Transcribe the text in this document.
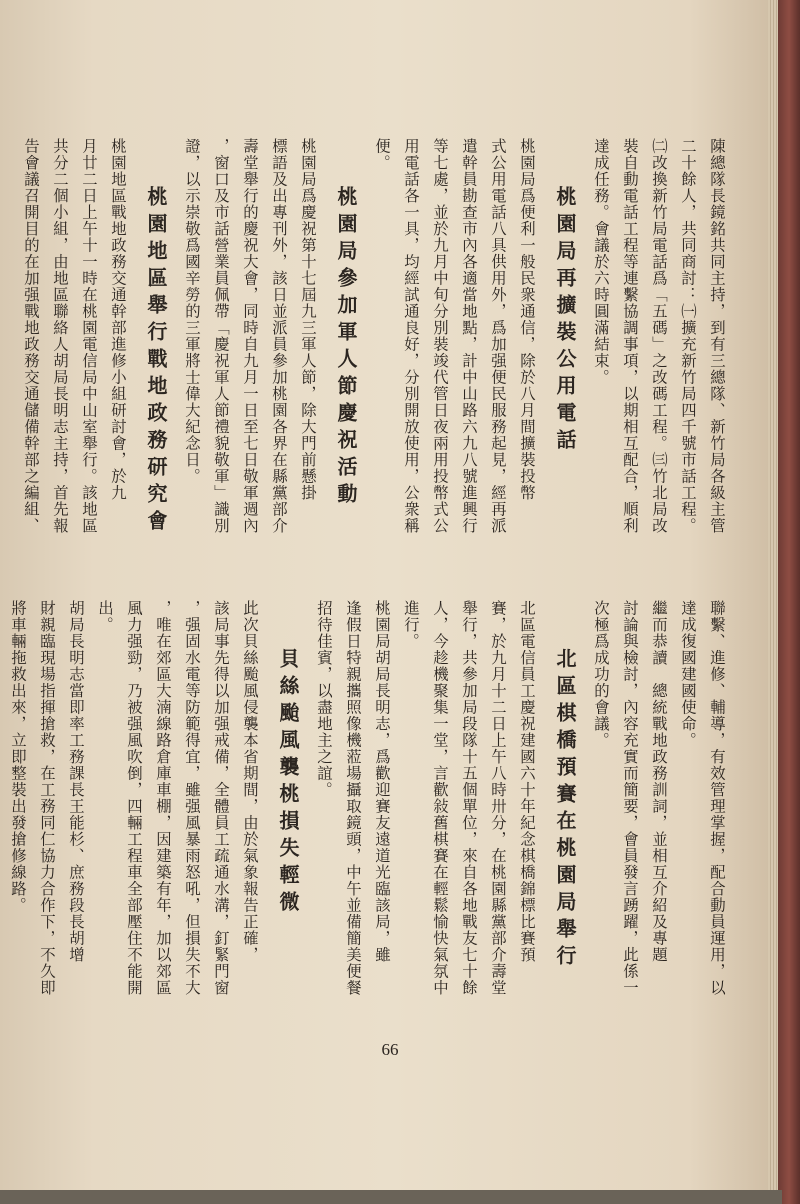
陳總隊長鏡銘共同主持，到有三總隊、新竹局各級主管
二十餘人，共同商討：㈠擴充新竹局四千號市話工程。
㈡改換新竹局電話爲「五碼」之改碼工程。㈢竹北局改
裝自動電話工程等連繫協調事項，以期相互配合，順利
達成任務。會議於六時圓滿結束。
桃園局再擴裝公用電話
桃園局爲便利一般民衆通信，除於八月間擴裝投幣
式公用電話八具供用外，爲加强便民服務起見，經再派
遣幹員勘查市內各適當地點，計中山路六九八號進興行
等七處，並於九月中旬分別裝竣代管日夜兩用投幣式公
用電話各一具，均經試通良好，分別開放使用，公衆稱
便。
桃園局參加軍人節慶祝活動
桃園局爲慶祝第十七屆九三軍人節，除大門前懸掛
標語及出專刊外，該日並派員參加桃園各界在縣黨部介
壽堂舉行的慶祝大會，同時自九月一日至七日敬軍週內
，窗口及市話營業員佩帶「慶祝軍人節禮貌敬軍」識別
證，以示崇敬爲國辛勞的三軍將士偉大紀念日。
桃園地區舉行戰地政務研究會
桃園地區戰地政務交通幹部進修小組研討會，於九
月廿二日上午十一時在桃園電信局中山室舉行。該地區
共分二個小組，由地區聯絡人胡局長明志主持，首先報
告會議召開目的在加强戰地政務交通儲備幹部之編組、
聯繫、進修、輔導，有效管理掌握，配合動員運用，以
達成復國建國使命。
繼而恭讀　總統戰地政務訓詞，並相互介紹及專題
討論與檢討，內容充實而簡要，會員發言踴躍，此係一
次極爲成功的會議。
北區棋橋預賽在桃園局舉行
北區電信員工慶祝建國六十年紀念棋橋錦標比賽預
賽，於九月十二日上午八時卅分，在桃園縣黨部介壽堂
舉行，共參加局段隊十五個單位，來自各地戰友七十餘
人，今趁機聚集一堂，言歡敍舊棋賽在輕鬆愉快氣氛中
進行。
桃園局胡局長明志，爲歡迎賽友遠道光臨該局，雖
逢假日特親攜照像機蒞場攝取鏡頭，中午並備簡美便餐
招待佳賓，以盡地主之誼。
貝絲颱風襲桃損失輕微
此次貝絲颱風侵襲本省期間，由於氣象報告正確，
該局事先得以加强戒備，全體員工疏通水溝，釘緊門窗
，强固水電等防範得宜，雖强風暴雨怒吼，但損失不大
，唯在郊區大湳線路倉庫車棚，因建築有年，加以郊區
風力强勁，乃被强風吹倒，四輛工程車全部壓住不能開
出。
胡局長明志當即率工務課長王能杉、庶務段長胡增
財親臨現場指揮搶救，在工務同仁協力合作下，不久即
將車輛拖救出來，立即整裝出發搶修線路。
66
